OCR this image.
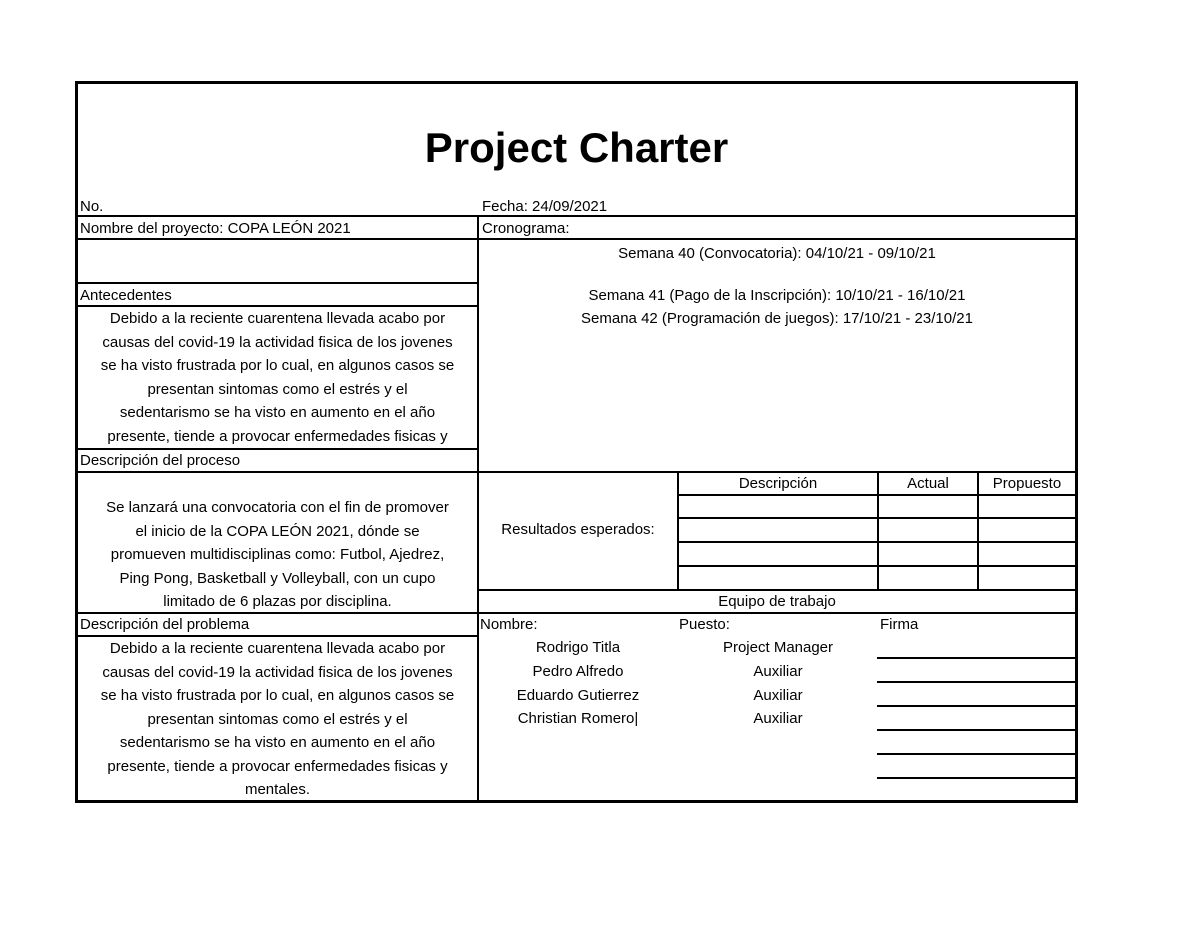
Project Charter
No.	Fecha: 24/09/2021
Nombre del proyecto: COPA LEÓN 2021	Cronograma:
Antecedentes
Debido a la reciente cuarentena llevada acabo por
causas del covid-19 la actividad fisica de los jovenes
se ha visto frustrada por lo cual, en algunos casos se
presentan sintomas como el estrés y el
sedentarismo se ha visto en aumento en el año
presente, tiende a provocar enfermedades fisicas y
Semana 40 (Convocatoria): 04/10/21 - 09/10/21
Semana 41 (Pago de la Inscripción): 10/10/21 - 16/10/21
Semana 42 (Programación de juegos): 17/10/21 - 23/10/21
Descripción del proceso
Se lanzará una convocatoria con el fin de promover
el inicio de la COPA LEÓN 2021, dónde se
promueven multidisciplinas como: Futbol, Ajedrez,
Ping Pong, Basketball y Volleyball, con un cupo
limitado de 6 plazas por disciplina.
Resultados esperados:
Descripción	Actual	Propuesto
Equipo de trabajo
Descripción del problema
Debido a la reciente cuarentena llevada acabo por
causas del covid-19 la actividad fisica de los jovenes
se ha visto frustrada por lo cual, en algunos casos se
presentan sintomas como el estrés y el
sedentarismo se ha visto en aumento en el año
presente, tiende a provocar enfermedades fisicas y
mentales.
Nombre:	Puesto:	Firma
Rodrigo Titla	Project Manager
Pedro Alfredo	Auxiliar
Eduardo Gutierrez	Auxiliar
Christian Romero|	Auxiliar
